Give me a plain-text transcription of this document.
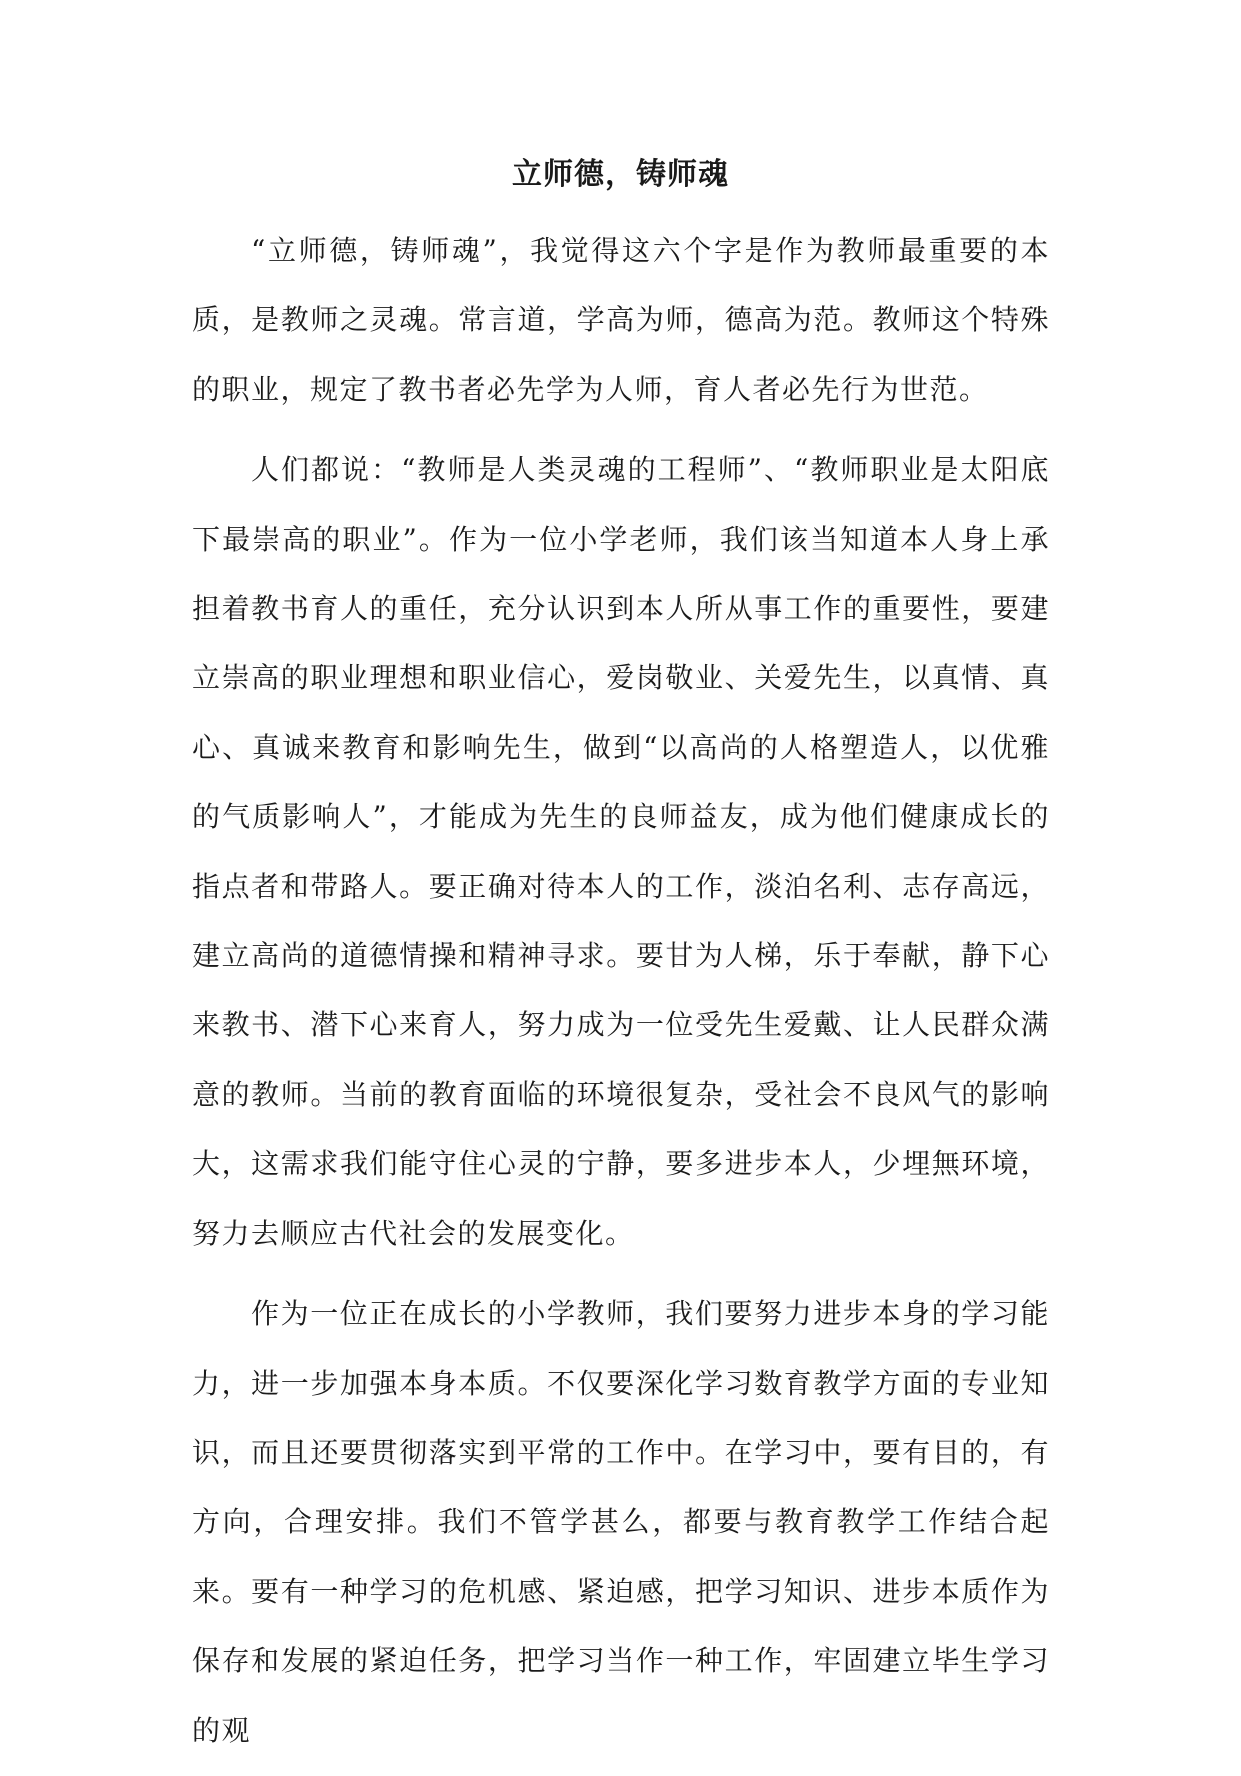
立师德，铸师魂

“立师德，铸师魂”，我觉得这六个字是作为教师最重要的本质，是教师之灵魂。常言道，学高为师，德高为范。教师这个特殊的职业，规定了教书者必先学为人师，育人者必先行为世范。

人们都说：“教师是人类灵魂的工程师”、“教师职业是太阳底下最崇高的职业”。作为一位小学老师，我们该当知道本人身上承担着教书育人的重任，充分认识到本人所从事工作的重要性，要建立崇高的职业理想和职业信心，爱岗敬业、关爱先生，以真情、真心、真诚来教育和影响先生，做到“以高尚的人格塑造人，以优雅的气质影响人”，才能成为先生的良师益友，成为他们健康成长的指点者和带路人。要正确对待本人的工作，淡泊名利、志存高远，建立高尚的道德情操和精神寻求。要甘为人梯，乐于奉献，静下心来教书、潜下心来育人，努力成为一位受先生爱戴、让人民群众满意的教师。当前的教育面临的环境很复杂，受社会不良风气的影响大，这需求我们能守住心灵的宁静，要多进步本人，少埋無环境，努力去顺应古代社会的发展变化。

作为一位正在成长的小学教师，我们要努力进步本身的学习能力，进一步加强本身本质。不仅要深化学习数育教学方面的专业知识，而且还要贯彻落实到平常的工作中。在学习中，要有目的，有方向，合理安排。我们不管学甚么，都要与教育教学工作结合起来。要有一种学习的危机感、紧迫感，把学习知识、进步本质作为保存和发展的紧迫任务，把学习当作一种工作，牢固建立毕生学习的观
